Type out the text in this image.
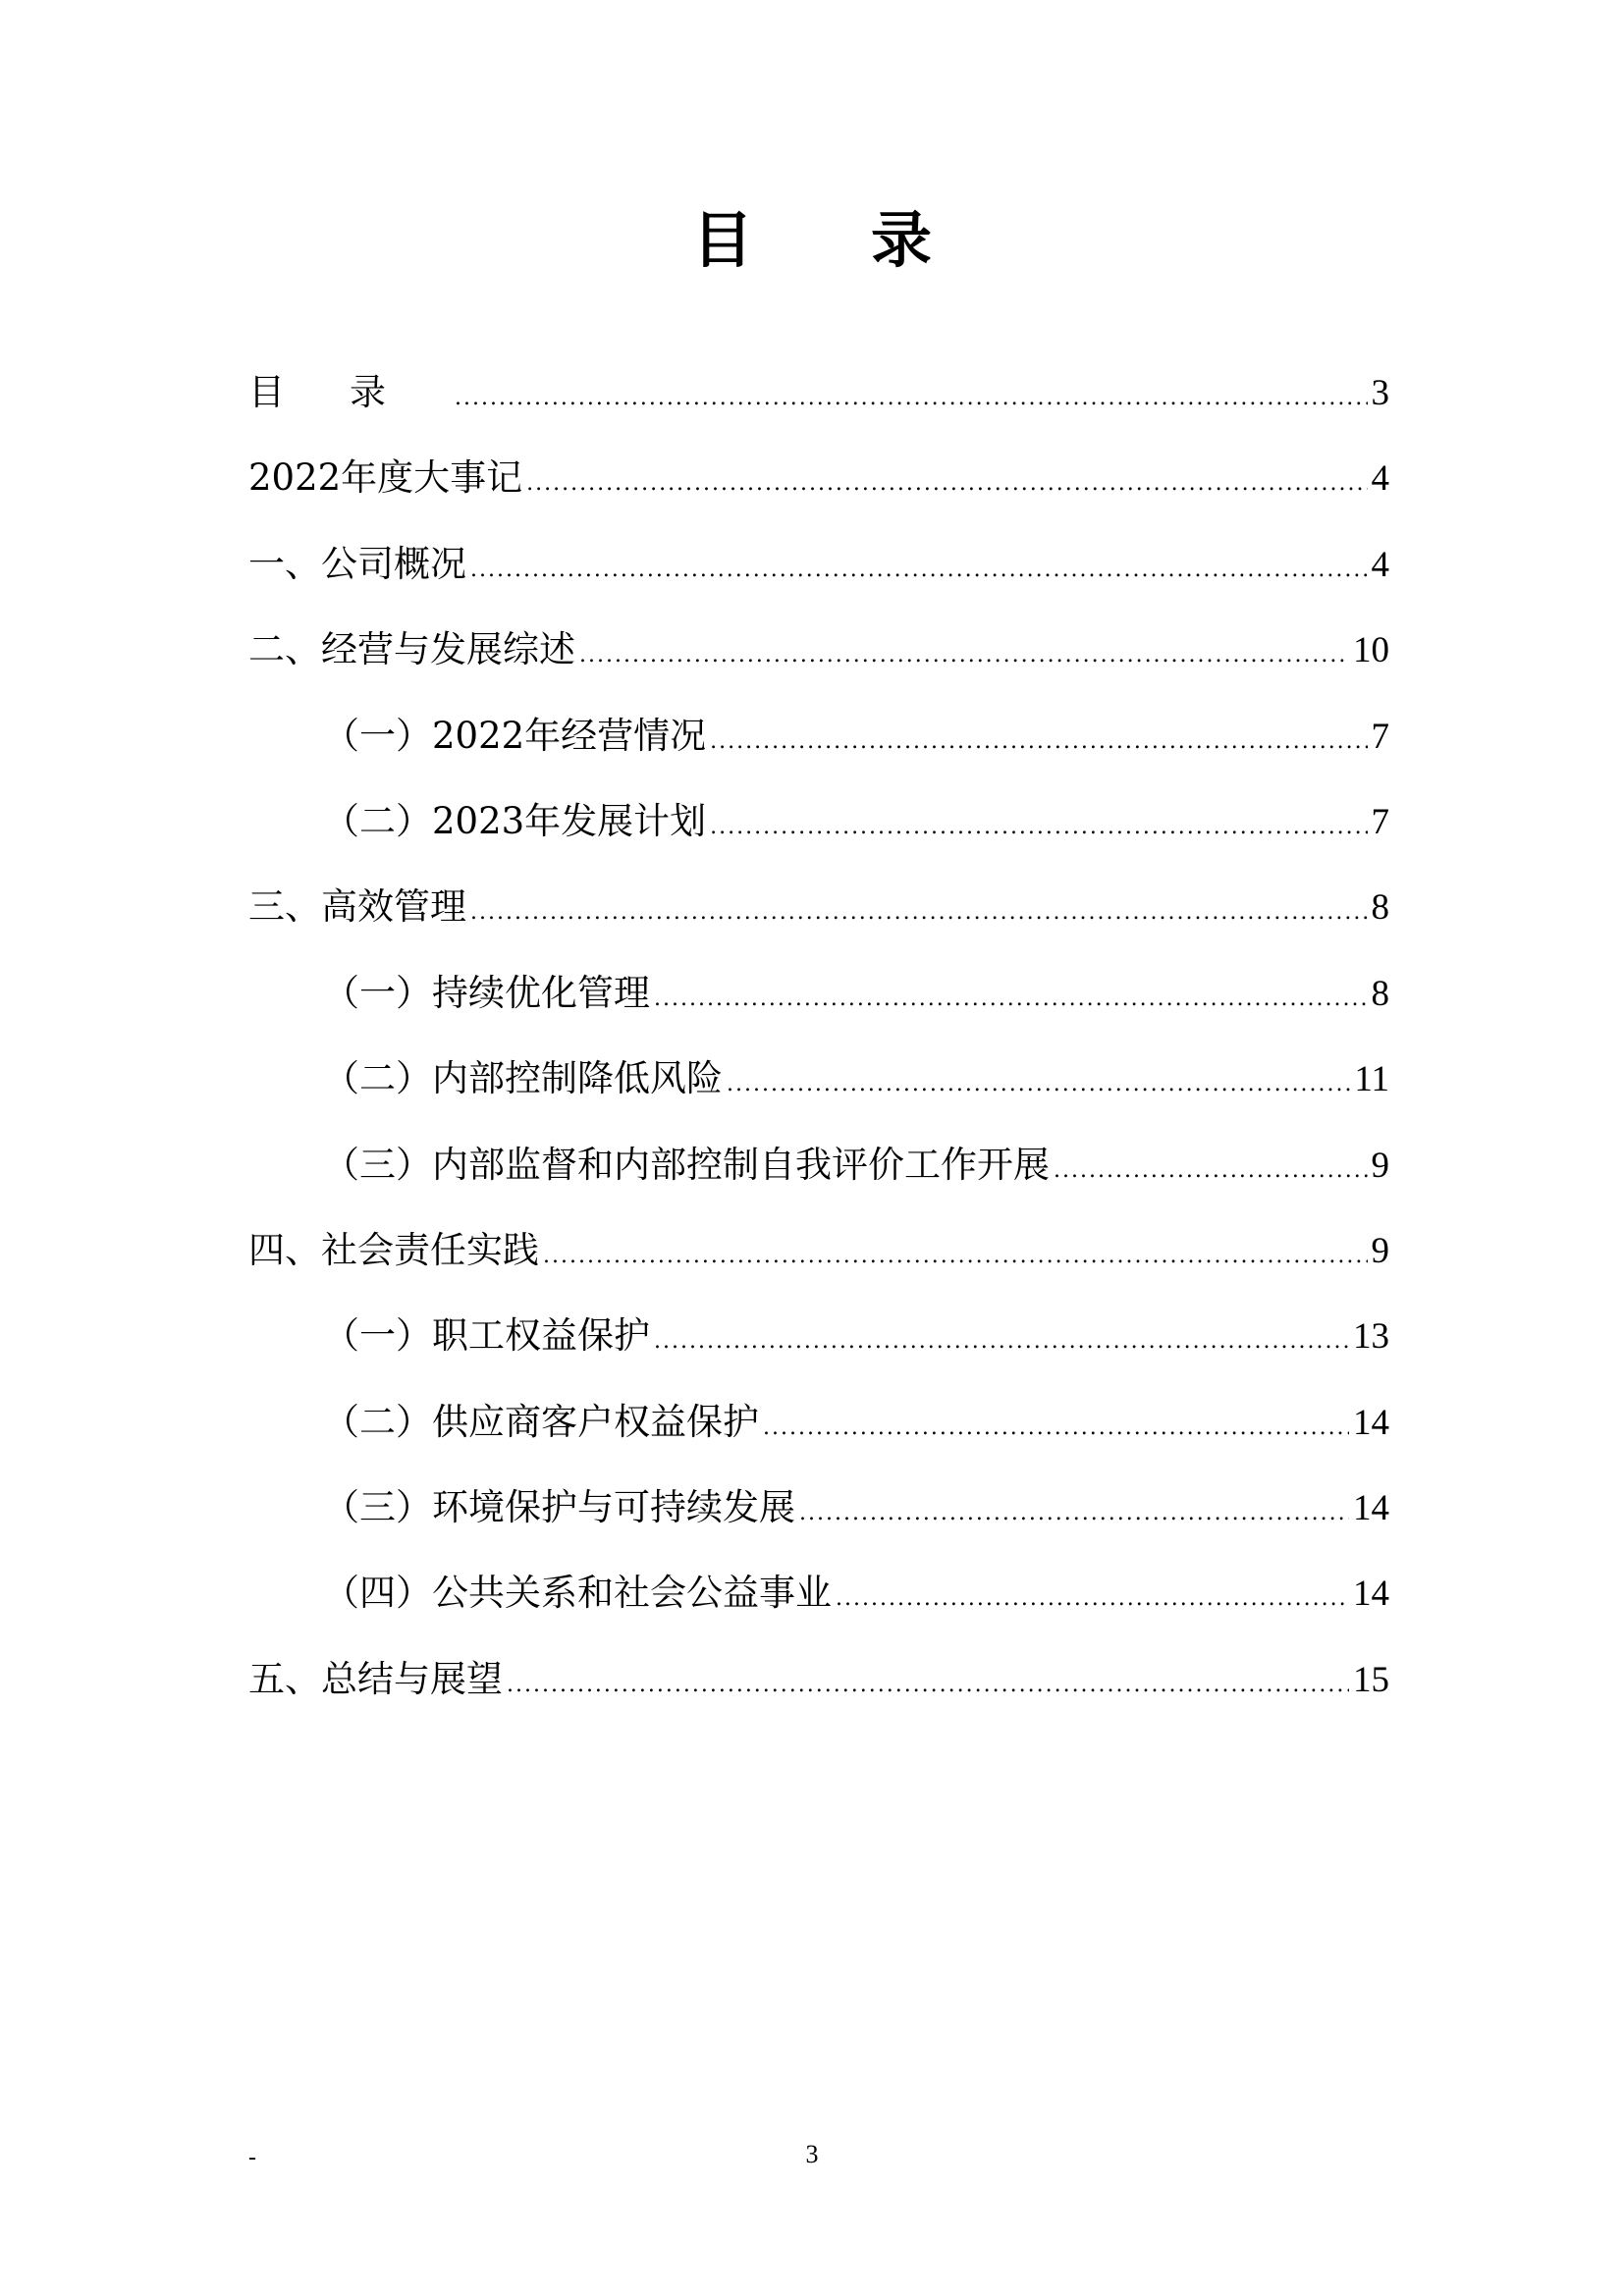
目录
目录 .....	3
2022年度大事记 .....	4
一、公司概况 .....	4
二、经营与发展综述 .....	10
（一）2022年经营情况 .....	7
（二）2023年发展计划 .....	7
三、高效管理 .....	8
（一）持续优化管理 .....	8
（二）内部控制降低风险 .....	11
（三）内部监督和内部控制自我评价工作开展 .....	9
四、社会责任实践 .....	9
（一）职工权益保护 .....	13
（二）供应商客户权益保护 .....	14
（三）环境保护与可持续发展 .....	14
（四）公共关系和社会公益事业 .....	14
五、总结与展望 .....	15
-	3
